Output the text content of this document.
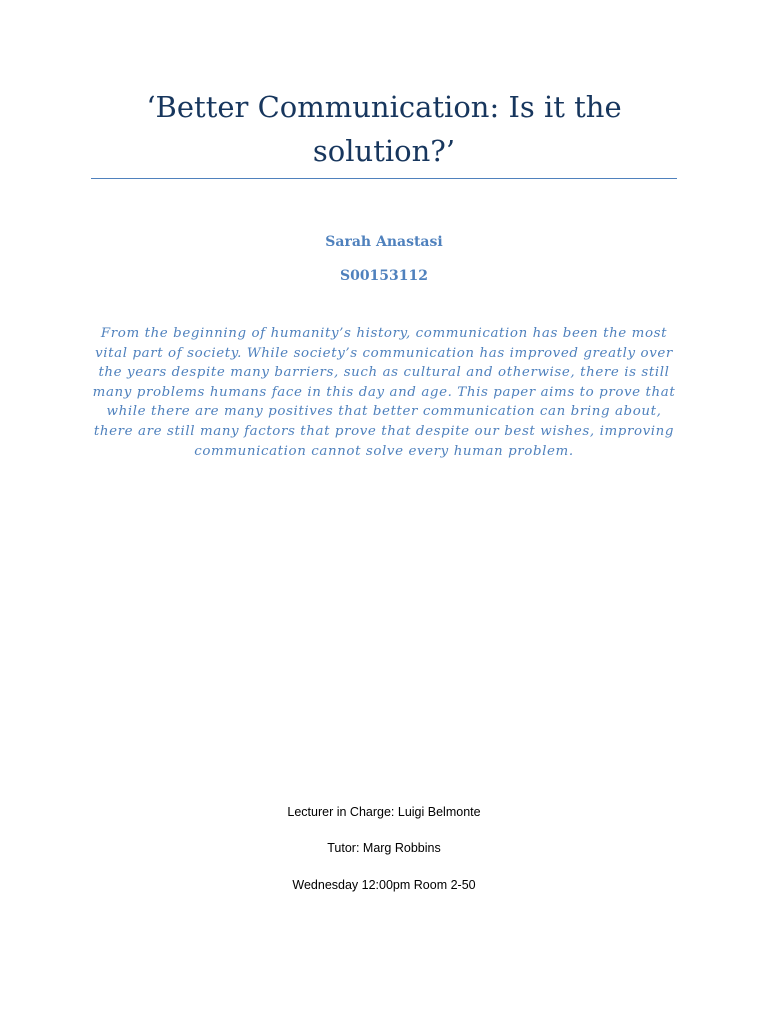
‘Better Communication: Is it the solution?’
Sarah Anastasi
S00153112

From the beginning of humanity’s history, communication has been the most vital part of society. While society’s communication has improved greatly over the years despite many barriers, such as cultural and otherwise, there is still many problems humans face in this day and age. This paper aims to prove that while there are many positives that better communication can bring about, there are still many factors that prove that despite our best wishes, improving communication cannot solve every human problem.

Lecturer in Charge: Luigi Belmonte
Tutor: Marg Robbins
Wednesday 12:00pm Room 2-50
